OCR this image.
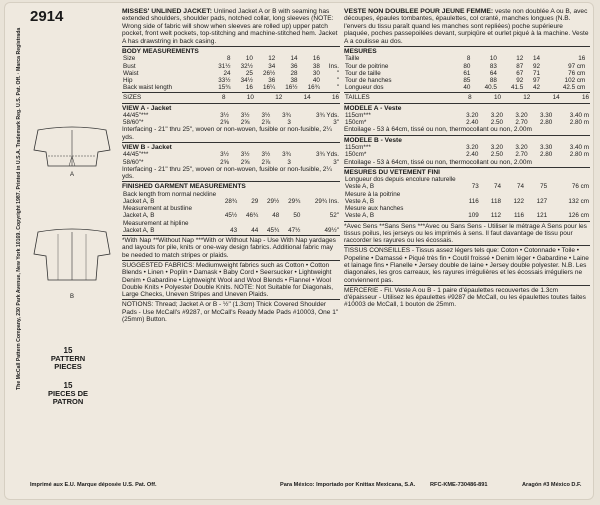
The McCall Pattern Company, 230 Park Avenue, New York 10169. Copyright 1987. Printed in U.S.A. Trademark Reg. U.S. Pat. Off. · Marca Registrada
2914
A
B
15
PATTERN PIECES
15
PIECES DE PATRON
MISSES' UNLINED JACKET: Unlined Jacket A or B with seaming has extended shoulders, shoulder pads, notched collar, long sleeves (NOTE: Wrong side of fabric will show when sleeves are rolled up) upper patch pocket, front welt pockets, top-stitching and machine-stitched hem. Jacket A has drawstring in back casing.
BODY MEASUREMENTS
Size	8	10	12	14	16	
Bust	31½	32½	34	36	38	Ins.
Waist	24	25	26½	28	30	"
Hip	33½	34½	36	38	40	"
Back waist length	15¾	16	16¼	16½	16¾	"
SIZES	8	10	12	14	16
VIEW A - Jacket
44/45"***	3½	3½	3½	3¾	3¾ Yds.
58/60"*	2⅝	2⅝	2⅞	3	3"
Interfacing - 21" thru 25", woven or non-woven, fusible or non-fusible, 2¼ yds.
VIEW B - Jacket
44/45"***	3½	3½	3½	3¾	3¾ Yds.
58/60"*	2⅝	2⅝	2⅞	3	3"
Interfacing - 21" thru 25", woven or non-woven, fusible or non-fusible, 2¼ yds.
FINISHED GARMENT MEASUREMENTS
Back length from normal neckline					
Jacket A, B	28¾	29	29½	29¾	29¾ Ins.
Measurement at bustline					
Jacket A, B	45½	46¾	48	50	52"
Measurement at hipline					
Jacket A, B	43	44	45¾	47½	49½"
*With Nap **Without Nap ***With or Without Nap - Use With Nap yardages and layouts for pile, knits or one-way design fabrics. Additional fabric may be needed to match stripes or plaids.
SUGGESTED FABRICS: Mediumweight fabrics such as Cotton • Cotton Blends • Linen • Poplin • Damask • Baby Cord • Seersucker • Lightweight Denim • Gabardine • Lightweight Wool and Wool Blends • Flannel • Wool Double Knits • Polyester Double Knits. NOTE: Not Suitable for Diagonals, Large Checks, Uneven Stripes and Uneven Plaids.
NOTIONS: Thread; Jacket A or B - ½" (1.3cm) Thick Covered Shoulder Pads - Use McCall's #9287, or McCall's Ready Made Pads #10003, One 1" (25mm) Button.
VESTE NON DOUBLEE POUR JEUNE FEMME: veste non doublée A ou B, avec découpes, épaules tombantes, épaulettes, col cranté, manches longues (N.B. l'envers du tissu paraît quand les manches sont repliées) poche supérieure plaquée, poches passepoilées devant, surpiqûre et ourlet piqué à la machine. Veste A a coulisse au dos.
MESURES
Taille	8	10	12	14	16	
Tour de poitrine	80	83	87	92	97 cm	
Tour de taille	61	64	67	71	76 cm	
Tour de hanches	85	88	92	97	102 cm	
Longueur dos	40	40.5	41.5	42	42.5 cm	
TAILLES	8	10	12	14	16
MODELE A - Veste
115cm***	3.20	3.20	3.20	3.30	3.40 m
150cm*	2.40	2.50	2.70	2.80	2.80 m
Entoilage - 53 à 64cm, tissé ou non, thermocollant ou non, 2.00m
MODELE B - Veste
115cm***	3.20	3.20	3.20	3.30	3.40 m
150cm*	2.40	2.50	2.70	2.80	2.80 m
Entoilage - 53 à 64cm, tissé ou non, thermocollant ou non, 2.00m
MESURES DU VETEMENT FINI
Longueur dos depuis encolure naturelle					
Veste A, B	73	74	74	75	76 cm
Mesure à la poitrine					
Veste A, B	116	118	122	127	132 cm
Mesure aux hanches					
Veste A, B	109	112	116	121	126 cm
*Avec Sens **Sans Sens ***Avec ou Sans Sens - Utiliser le métrage A Sens pour les tissus poilus, les jerseys ou les imprimés à sens. Il faut davantage de tissu pour raccorder les rayures ou les écossais.
TISSUS CONSEILLES - Tissus assez légers tels que: Coton • Cotonnade • Toile • Popeline • Damassé • Piqué très fin • Coutil froissé • Denim léger • Gabardine • Laine et lainage fins • Flanelle • Jersey double de laine • Jersey double polyester. N.B. Les diagonales, les gros carreaux, les rayures irrégulières et les écossais irréguliers ne conviennent pas.
MERCERIE - Fil. Veste A ou B - 1 paire d'épaulettes recouvertes de 1.3cm d'épaisseur - Utilisez les épaulettes #9287 de McCall, ou les épaulettes toutes faites #10003 de McCall, 1 bouton de 25mm.
Imprimé aux E.U. Marque déposée U.S. Pat. Off.	Para México: Importado por Knittax Mexicana, S.A.	RFC-KME-730486-891	Aragón #3 México D.F.
